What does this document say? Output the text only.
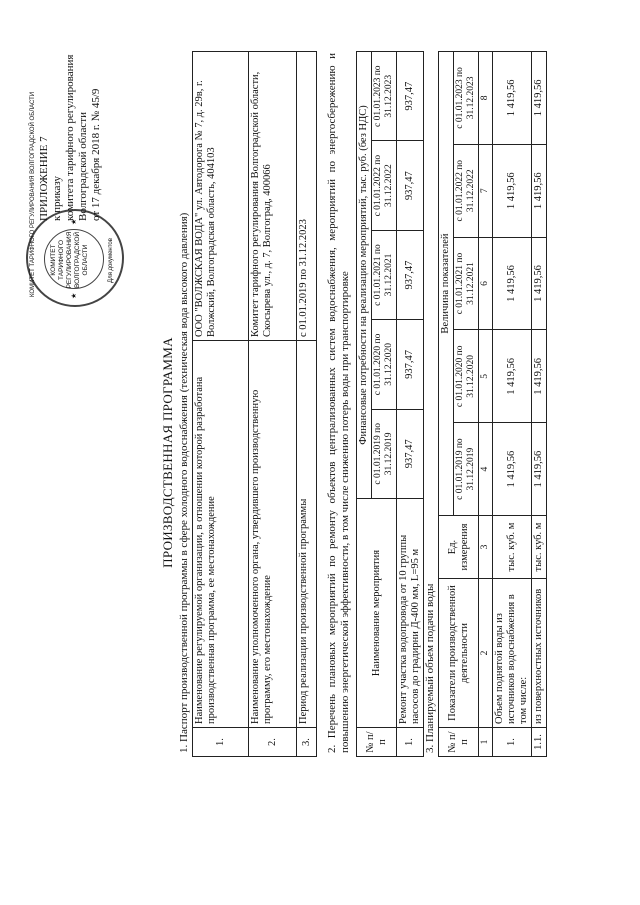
КОМИТЕТ ТАРИФНОГО РЕГУЛИРОВАНИЯ ВОЛГОГРАДСКОЙ ОБЛАСТИ КОМИТЕТ ТАРИФНОГО РЕГУЛИРОВАНИЯ ВОЛГОГРАДСКОЙ ОБЛАСТИ	Для документов
★
★
ПРИЛОЖЕНИЕ 7 к приказу комитета тарифного регулирования Волгоградской области от 17 декабря 2018 г. № 45/9
ПРОИЗВОДСТВЕННАЯ ПРОГРАММА 1. Паспорт производственной программы в сфере холодного водоснабжения (техническая вода высокого давления) 1.	Наименование регулируемой организации, в отношении которой разработана производственная программа, ее местонахождение	ООО "ВОЛЖСКАЯ ВОДА" ул. Автодорога № 7, д. 29в, г. Волжский, Волгоградская область, 404103
2.	Наименование уполномоченного органа, утвердившего производственную программу, его местонахождение	Комитет тарифного регулирования Волгоградской области, Скосырева ул., д. 7, Волгоград, 400066
3.	Период реализации производственной программы	с 01.01.2019 по 31.12.2023 2. Перечень плановых мероприятий по ремонту объектов централизованных систем водоснабжения, мероприятий по энергосбережению и повышению энергетической эффективности, в том числе снижению потерь воды при транспортировке № п/п	Наименование мероприятия	Финансовые потребности на реализацию мероприятий, тыс. руб. (без НДС)				
		с 01.01.2019 по 31.12.2019	с 01.01.2020 по 31.12.2020	с 01.01.2021 по 31.12.2021	с 01.01.2022 по 31.12.2022	с 01.01.2023 по 31.12.2023
1.	Ремонт участка водопровода от 10 группы насосов до градирни Д-400 мм, L=95 м	937,47	937,47	937,47	937,47	937,47
3. Планируемый объем подачи воды № п/п	Показатели производственной деятельности	Ед. измерения	Величина показателей				
			с 01.01.2019 по 31.12.2019	с 01.01.2020 по 31.12.2020	с 01.01.2021 по 31.12.2021	с 01.01.2022 по 31.12.2022	с 01.01.2023 по 31.12.2023
1	2	3	4	5	6	7	8
1.	Объем поднятой воды из источников водоснабжения в том числе:	тыс. куб. м	1 419,56	1 419,56	1 419,56	1 419,56	1 419,56
1.1.	из поверхностных источников	тыс. куб. м	1 419,56	1 419,56	1 419,56	1 419,56	1 419,56
